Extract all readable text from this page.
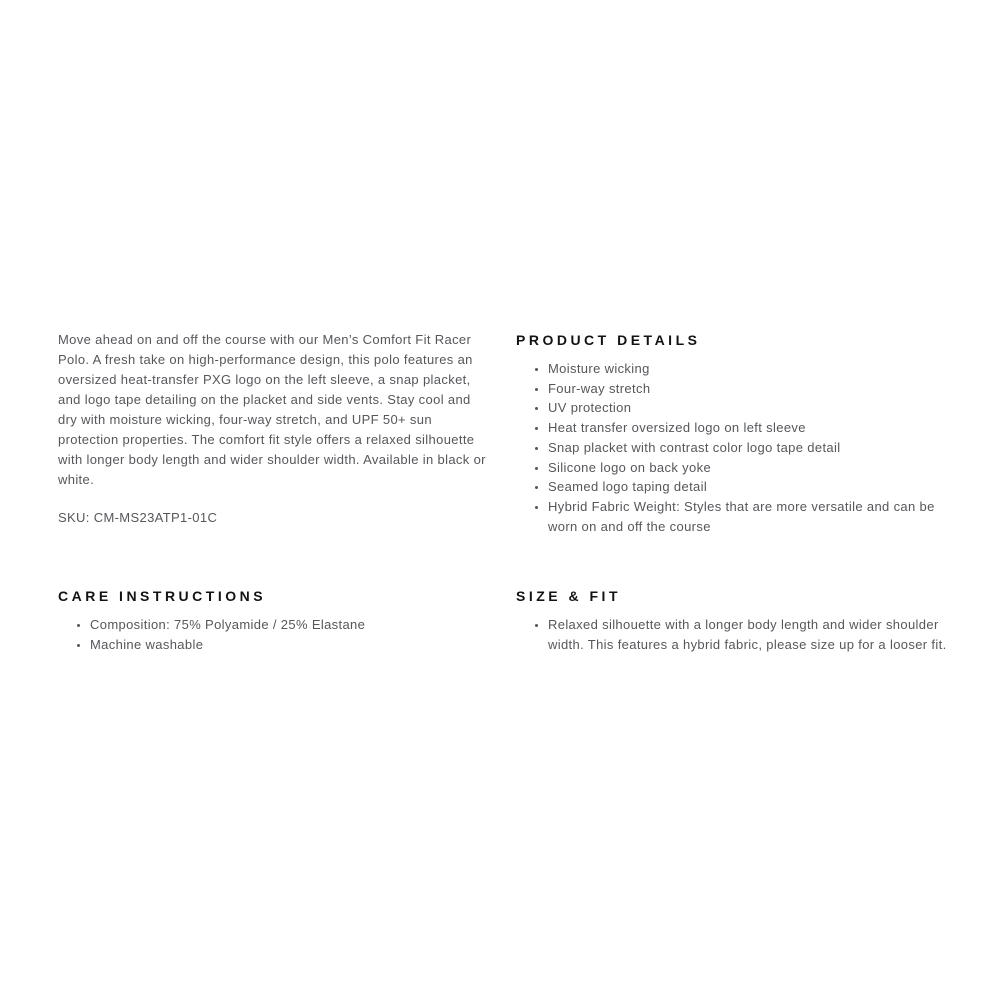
Move ahead on and off the course with our Men’s Comfort Fit Racer Polo. A fresh take on high-performance design, this polo features an oversized heat-transfer PXG logo on the left sleeve, a snap placket, and logo tape detailing on the placket and side vents. Stay cool and dry with moisture wicking, four-way stretch, and UPF 50+ sun protection properties. The comfort fit style offers a relaxed silhouette with longer body length and wider shoulder width. Available in black or white.

SKU: CM-MS23ATP1-01C

PRODUCT DETAILS
• Moisture wicking
• Four-way stretch
• UV protection
• Heat transfer oversized logo on left sleeve
• Snap placket with contrast color logo tape detail
• Silicone logo on back yoke
• Seamed logo taping detail
• Hybrid Fabric Weight: Styles that are more versatile and can be worn on and off the course
CARE INSTRUCTIONS
• Composition: 75% Polyamide / 25% Elastane
• Machine washable
SIZE & FIT
• Relaxed silhouette with a longer body length and wider shoulder width. This features a hybrid fabric, please size up for a looser fit.
